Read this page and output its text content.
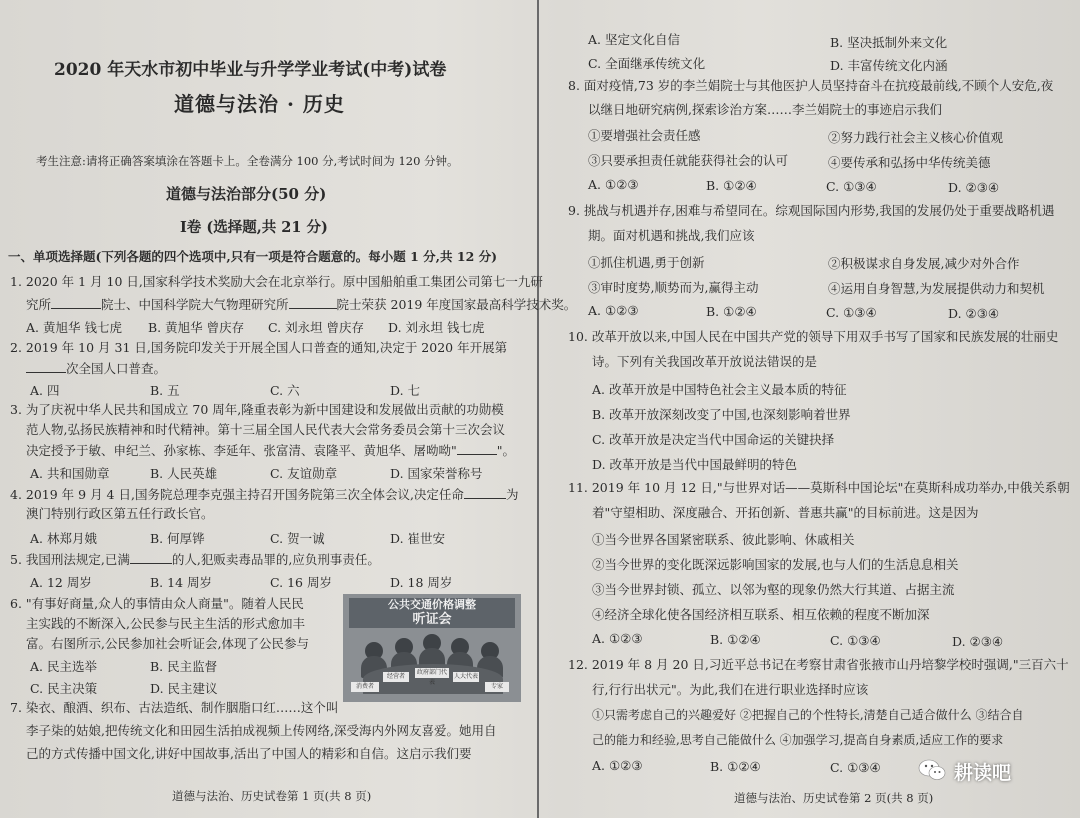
2020 年天水市初中毕业与升学学业考试(中考)试卷
道德与法治 · 历史
考生注意:请将正确答案填涂在答题卡上。全卷满分 100 分,考试时间为 120 分钟。
道德与法治部分(50 分)
Ⅰ卷 (选择题,共 21 分)
一、单项选择题(下列各题的四个选项中,只有一项是符合题意的。每小题 1 分,共 12 分)
1. 2020 年 1 月 10 日,国家科学技术奖励大会在北京举行。原中国船舶重工集团公司第七一九研
究所	院士、中国科学院大气物理研究所	院士荣获 2019 年度国家最高科学技术奖。
A. 黄旭华 钱七虎 B. 黄旭华 曾庆存 C. 刘永坦 曾庆存 D. 刘永坦 钱七虎
2. 2019 年 10 月 31 日,国务院印发关于开展全国人口普查的通知,决定于 2020 年开展第
次全国人口普查。
A. 四	B. 五	C. 六	D. 七
3. 为了庆祝中华人民共和国成立 70 周年,隆重表彰为新中国建设和发展做出贡献的功勋模
范人物,弘扬民族精神和时代精神。第十三届全国人民代表大会常务委员会第十三次会议
决定授予于敏、申纪兰、孙家栋、李延年、张富清、袁隆平、黄旭华、屠呦呦"	"。
A. 共和国勋章	B. 人民英雄	C. 友谊勋章	D. 国家荣誉称号
4. 2019 年 9 月 4 日,国务院总理李克强主持召开国务院第三次全体会议,决定任命	为
澳门特别行政区第五任行政长官。
A. 林郑月娥	B. 何厚铧	C. 贺一诚	D. 崔世安
5. 我国刑法规定,已满	的人,犯贩卖毒品罪的,应负刑事责任。
A. 12 周岁	B. 14 周岁	C. 16 周岁	D. 18 周岁
6. "有事好商量,众人的事情由众人商量"。随着人民民
主实践的不断深入,公民参与民主生活的形式愈加丰
富。右图所示,公民参加社会听证会,体现了公民参与
A. 民主选举	B. 民主监督
C. 民主决策	D. 民主建议
公共交通价格调整
听证会
消费者
经营者
政府部门代表
人大代表
专家
7. 染衣、酿酒、织布、古法造纸、制作胭脂口红……这个叫
李子柒的姑娘,把传统文化和田园生活拍成视频上传网络,深受海内外网友喜爱。她用自
己的方式传播中国文化,讲好中国故事,活出了中国人的精彩和自信。这启示我们要
道德与法治、历史试卷第 1 页(共 8 页)
A. 坚定文化自信	B. 坚决抵制外来文化
C. 全面继承传统文化	D. 丰富传统文化内涵
8. 面对疫情,73 岁的李兰娟院士与其他医护人员坚持奋斗在抗疫最前线,不顾个人安危,夜
以继日地研究病例,探索诊治方案……李兰娟院士的事迹启示我们
①要增强社会责任感	②努力践行社会主义核心价值观
③只要承担责任就能获得社会的认可	④要传承和弘扬中华传统美德
A. ①②③	B. ①②④	C. ①③④	D. ②③④
9. 挑战与机遇并存,困难与希望同在。综观国际国内形势,我国的发展仍处于重要战略机遇
期。面对机遇和挑战,我们应该
①抓住机遇,勇于创新	②积极谋求自身发展,减少对外合作
③审时度势,顺势而为,赢得主动	④运用自身智慧,为发展提供动力和契机
A. ①②③	B. ①②④	C. ①③④	D. ②③④
10. 改革开放以来,中国人民在中国共产党的领导下用双手书写了国家和民族发展的壮丽史
诗。下列有关我国改革开放说法错误的是
A. 改革开放是中国特色社会主义最本质的特征
B. 改革开放深刻改变了中国,也深刻影响着世界
C. 改革开放是决定当代中国命运的关键抉择
D. 改革开放是当代中国最鲜明的特色
11. 2019 年 10 月 12 日,"与世界对话——莫斯科中国论坛"在莫斯科成功举办,中俄关系朝
着"守望相助、深度融合、开拓创新、普惠共赢"的目标前进。这是因为
①当今世界各国紧密联系、彼此影响、休戚相关
②当今世界的变化既深远影响国家的发展,也与人们的生活息息相关
③当今世界封锁、孤立、以邻为壑的现象仍然大行其道、占据主流
④经济全球化使各国经济相互联系、相互依赖的程度不断加深
A. ①②③	B. ①②④	C. ①③④	D. ②③④
12. 2019 年 8 月 20 日,习近平总书记在考察甘肃省张掖市山丹培黎学校时强调,"三百六十
行,行行出状元"。为此,我们在进行职业选择时应该
①只需考虑自己的兴趣爱好 ②把握自己的个性特长,清楚自己适合做什么 ③结合自
己的能力和经验,思考自己能做什么 ④加强学习,提高自身素质,适应工作的要求
A. ①②③	B. ①②④	C. ①③④
道德与法治、历史试卷第 2 页(共 8 页)
耕读吧
